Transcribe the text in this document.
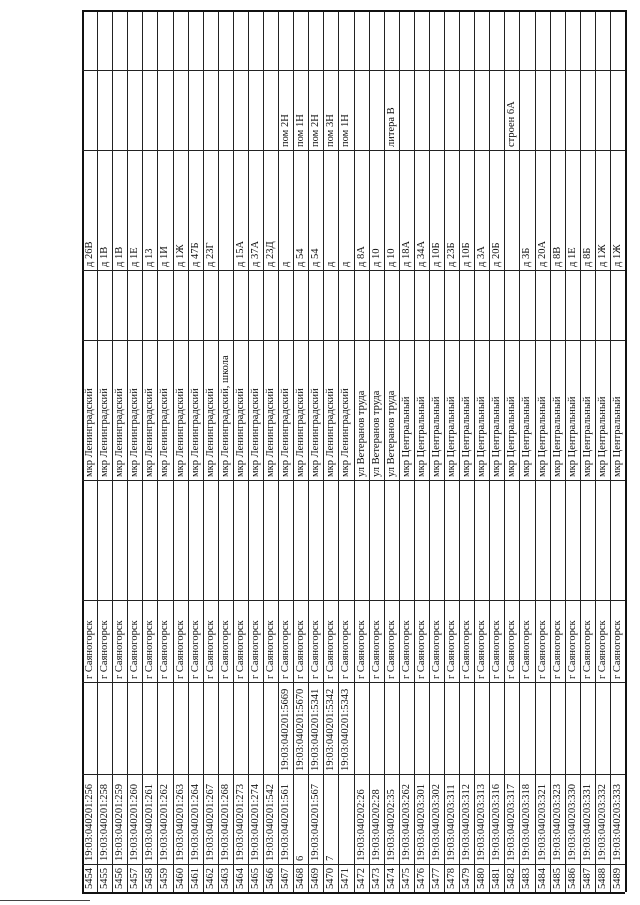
5454
19:03:040201:256
г Саяногорск
мкр Ленинградский
д 26В
5455
19:03:040201:258
г Саяногорск
мкр Ленинградский
д 1В
5456
19:03:040201:259
г Саяногорск
мкр Ленинградский
д 1В
5457
19:03:040201:260
г Саяногорск
мкр Ленинградский
д 1Е
5458
19:03:040201:261
г Саяногорск
мкр Ленинградский
д 13
5459
19:03:040201:262
г Саяногорск
мкр Ленинградский
д 1И
5460
19:03:040201:263
г Саяногорск
мкр Ленинградский
д 1Ж
5461
19:03:040201:264
г Саяногорск
мкр Ленинградский
д 47Б
5462
19:03:040201:267
г Саяногорск
мкр Ленинградский
д 23Г
5463
19:03:040201:268
г Саяногорск
мкр Ленинградский, школа
5464
19:03:040201:273
г Саяногорск
мкр Ленинградский
д 15А
5465
19:03:040201:274
г Саяногорск
мкр Ленинградский
д 37А
5466
19:03:040201:542
г Саяногорск
мкр Ленинградский
д 23Д
5467
19:03:040201:561
19:03:040201:5669
г Саяногорск
мкр Ленинградский
д
пом 2Н
5468
6
19:03:040201:5670
г Саяногорск
мкр Ленинградский
д 54
пом 1Н
5469
19:03:040201:567
19:03:040201:5341
г Саяногорск
мкр Ленинградский
д 54
пом 2Н
5470
7
19:03:040201:5342
г Саяногорск
мкр Ленинградский
д
пом 3Н
5471
19:03:040201:5343
г Саяногорск
мкр Ленинградский
д
пом 1Н
5472
19:03:040202:26
г Саяногорск
ул Ветеранов труда
д 8А
5473
19:03:040202:28
г Саяногорск
ул Ветеранов труда
д 10
5474
19:03:040202:35
г Саяногорск
ул Ветеранов труда
д 10
литера В
5475
19:03:040203:262
г Саяногорск
мкр Центральный
д 18А
5476
19:03:040203:301
г Саяногорск
мкр Центральный
д 34А
5477
19:03:040203:302
г Саяногорск
мкр Центральный
д 10Б
5478
19:03:040203:311
г Саяногорск
мкр Центральный
д 23Б
5479
19:03:040203:312
г Саяногорск
мкр Центральный
д 10Б
5480
19:03:040203:313
г Саяногорск
мкр Центральный
д 3А
5481
19:03:040203:316
г Саяногорск
мкр Центральный
д 20Б
5482
19:03:040203:317
г Саяногорск
мкр Центральный
строен 6А
5483
19:03:040203:318
г Саяногорск
мкр Центральный
д 3Б
5484
19:03:040203:321
г Саяногорск
мкр Центральный
д 20А
5485
19:03:040203:323
г Саяногорск
мкр Центральный
д 8В
5486
19:03:040203:330
г Саяногорск
мкр Центральный
д 1Е
5487
19:03:040203:331
г Саяногорск
мкр Центральный
д 8Б
5488
19:03:040203:332
г Саяногорск
мкр Центральный
д 1Ж
5489
19:03:040203:333
г Саяногорск
мкр Центральный
д 1Ж
